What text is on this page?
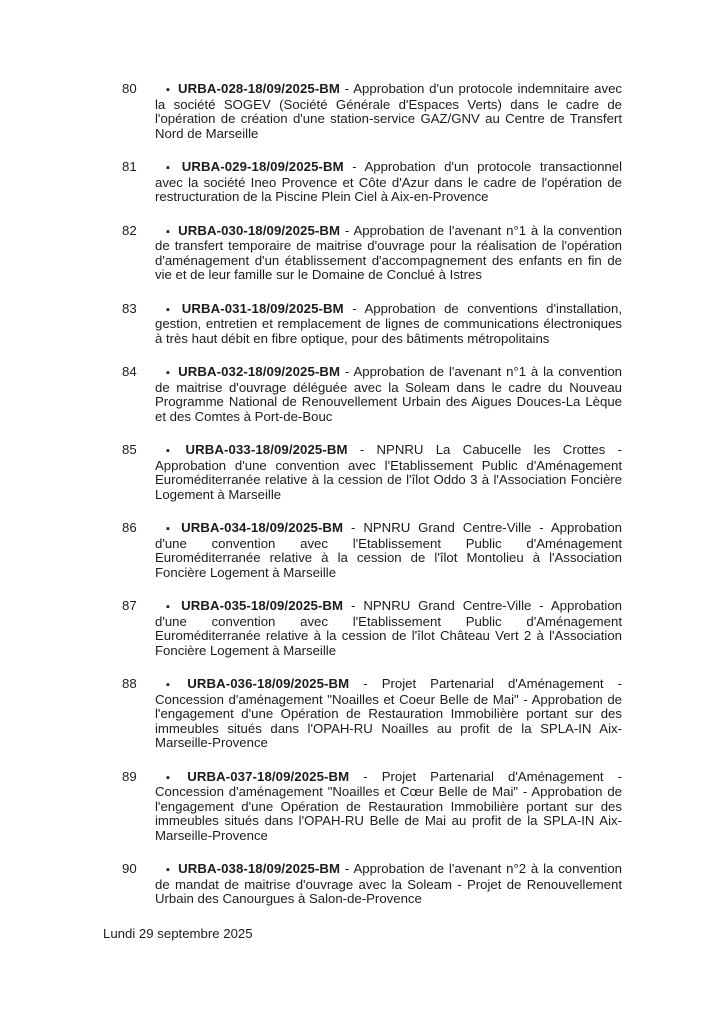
80	▪ URBA-028-18/09/2025-BM - Approbation d'un protocole indemnitaire avec la société SOGEV (Société Générale d'Espaces Verts) dans le cadre de l'opération de création d'une station-service GAZ/GNV au Centre de Transfert Nord de Marseille

81	▪ URBA-029-18/09/2025-BM - Approbation d'un protocole transactionnel avec la société Ineo Provence et Côte d'Azur dans le cadre de l'opération de restructuration de la Piscine Plein Ciel à Aix-en-Provence

82	▪ URBA-030-18/09/2025-BM - Approbation de l'avenant n°1 à la convention de transfert temporaire de maitrise d'ouvrage pour la réalisation de l'opération d'aménagement d'un établissement d'accompagnement des enfants en fin de vie et de leur famille sur le Domaine de Conclué à Istres

83	▪ URBA-031-18/09/2025-BM - Approbation de conventions d'installation, gestion, entretien et remplacement de lignes de communications électroniques à très haut débit en fibre optique, pour des bâtiments métropolitains

84	▪ URBA-032-18/09/2025-BM - Approbation de l'avenant n°1 à la convention de maitrise d'ouvrage déléguée avec la Soleam dans le cadre du Nouveau Programme National de Renouvellement Urbain des Aigues Douces-La Lèque et des Comtes à Port-de-Bouc

85	▪ URBA-033-18/09/2025-BM - NPNRU La Cabucelle les Crottes - Approbation d'une convention avec l'Etablissement Public d'Aménagement Euroméditerranée relative à la cession de l'îlot Oddo 3 à l'Association Foncière Logement à Marseille

86	▪ URBA-034-18/09/2025-BM - NPNRU Grand Centre-Ville - Approbation d'une convention avec l'Etablissement Public d'Aménagement Euroméditerranée relative à la cession de l'îlot Montolieu à l'Association Foncière Logement à Marseille

87	▪ URBA-035-18/09/2025-BM - NPNRU Grand Centre-Ville - Approbation d'une convention avec l'Etablissement Public d'Aménagement Euroméditerranée relative à la cession de l'îlot Château Vert 2 à l'Association Foncière Logement à Marseille

88	▪ URBA-036-18/09/2025-BM - Projet Partenarial d'Aménagement - Concession d'aménagement "Noailles et Coeur Belle de Mai" - Approbation de l'engagement d'une Opération de Restauration Immobilière portant sur des immeubles situés dans l'OPAH-RU Noailles au profit de la SPLA-IN Aix-Marseille-Provence

89	▪ URBA-037-18/09/2025-BM - Projet Partenarial d'Aménagement - Concession d'aménagement "Noailles et Cœur Belle de Mai" - Approbation de l'engagement d'une Opération de Restauration Immobilière portant sur des immeubles situés dans l'OPAH-RU Belle de Mai au profit de la SPLA-IN Aix-Marseille-Provence

90	▪ URBA-038-18/09/2025-BM - Approbation de l'avenant n°2 à la convention de mandat de maitrise d'ouvrage avec la Soleam - Projet de Renouvellement Urbain des Canourgues à Salon-de-Provence

Lundi 29 septembre 2025
